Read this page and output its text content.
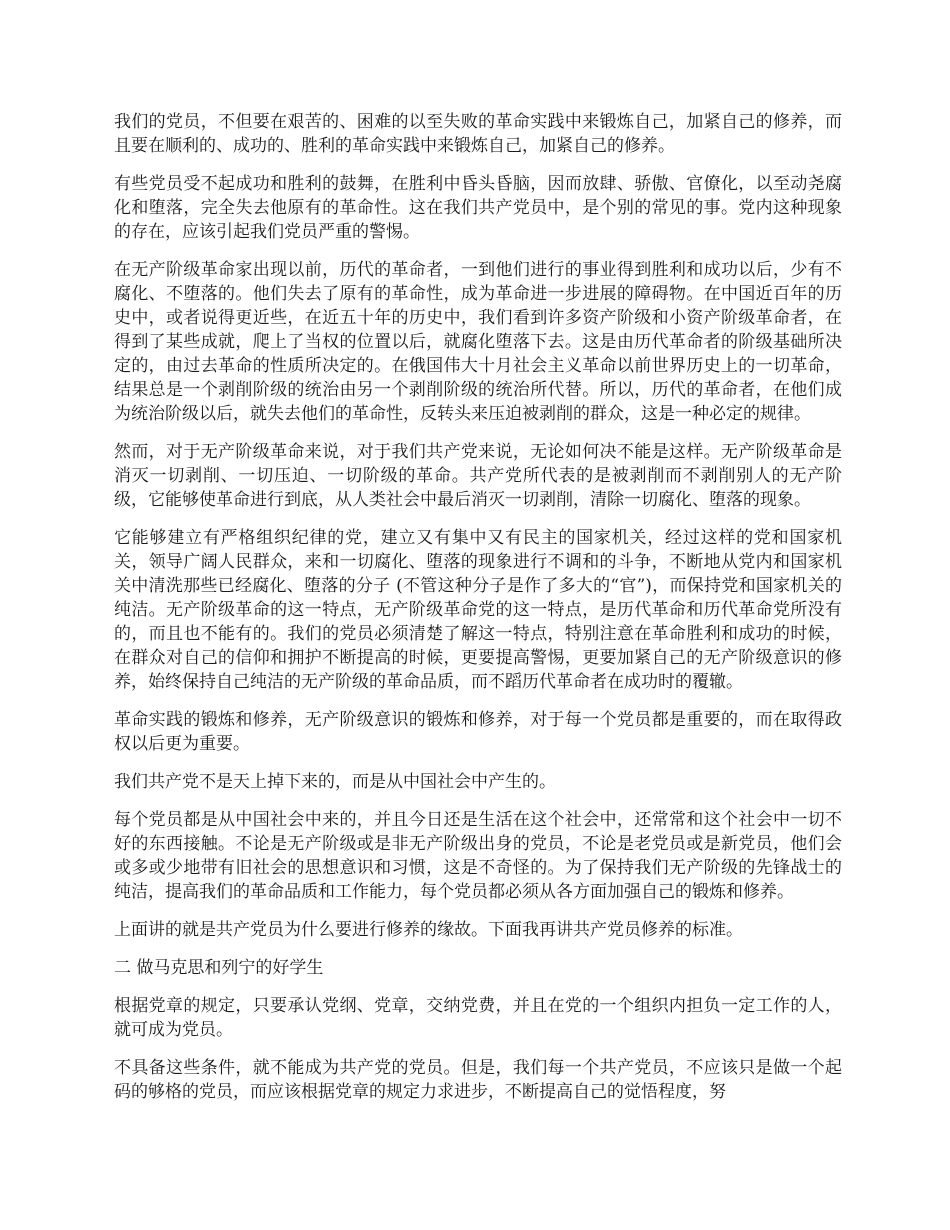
我们的党员，不但要在艰苦的、困难的以至失败的革命实践中来锻炼自己，加紧自己的修养，而且要在顺利的、成功的、胜利的革命实践中来锻炼自己，加紧自己的修养。

有些党员受不起成功和胜利的鼓舞，在胜利中昏头昏脑，因而放肆、骄傲、官僚化，以至动尧腐化和堕落，完全失去他原有的革命性。这在我们共产党员中，是个别的常见的事。党内这种现象的存在，应该引起我们党员严重的警惕。

在无产阶级革命家出现以前，历代的革命者，一到他们进行的事业得到胜利和成功以后，少有不腐化、不堕落的。他们失去了原有的革命性，成为革命进一步进展的障碍物。在中国近百年的历史中，或者说得更近些，在近五十年的历史中，我们看到许多资产阶级和小资产阶级革命者，在得到了某些成就，爬上了当权的位置以后，就腐化堕落下去。这是由历代革命者的阶级基础所决定的，由过去革命的性质所决定的。在俄国伟大十月社会主义革命以前世界历史上的一切革命，结果总是一个剥削阶级的统治由另一个剥削阶级的统治所代替。所以，历代的革命者，在他们成为统治阶级以后，就失去他们的革命性，反转头来压迫被剥削的群众，这是一种必定的规律。

然而，对于无产阶级革命来说，对于我们共产党来说，无论如何决不能是这样。无产阶级革命是消灭一切剥削、一切压迫、一切阶级的革命。共产党所代表的是被剥削而不剥削别人的无产阶级，它能够使革命进行到底，从人类社会中最后消灭一切剥削，清除一切腐化、堕落的现象。

它能够建立有严格组织纪律的党，建立又有集中又有民主的国家机关，经过这样的党和国家机关，领导广阔人民群众，来和一切腐化、堕落的现象进行不调和的斗争，不断地从党内和国家机关中清洗那些已经腐化、堕落的分子 (不管这种分子是作了多大的“官”)，而保持党和国家机关的纯洁。无产阶级革命的这一特点，无产阶级革命党的这一特点，是历代革命和历代革命党所没有的，而且也不能有的。我们的党员必须清楚了解这一特点，特别注意在革命胜利和成功的时候，在群众对自己的信仰和拥护不断提高的时候，更要提高警惕，更要加紧自己的无产阶级意识的修养，始终保持自己纯洁的无产阶级的革命品质，而不蹈历代革命者在成功时的覆辙。

革命实践的锻炼和修养，无产阶级意识的锻炼和修养，对于每一个党员都是重要的，而在取得政权以后更为重要。

我们共产党不是天上掉下来的，而是从中国社会中产生的。

每个党员都是从中国社会中来的，并且今日还是生活在这个社会中，还常常和这个社会中一切不好的东西接触。不论是无产阶级或是非无产阶级出身的党员，不论是老党员或是新党员，他们会或多或少地带有旧社会的思想意识和习惯，这是不奇怪的。为了保持我们无产阶级的先锋战士的纯洁，提高我们的革命品质和工作能力，每个党员都必须从各方面加强自己的锻炼和修养。

上面讲的就是共产党员为什么要进行修养的缘故。下面我再讲共产党员修养的标准。

二 做马克思和列宁的好学生

根据党章的规定，只要承认党纲、党章，交纳党费，并且在党的一个组织内担负一定工作的人，就可成为党员。

不具备这些条件，就不能成为共产党的党员。但是，我们每一个共产党员，不应该只是做一个起码的够格的党员，而应该根据党章的规定力求进步，不断提高自己的觉悟程度，努
